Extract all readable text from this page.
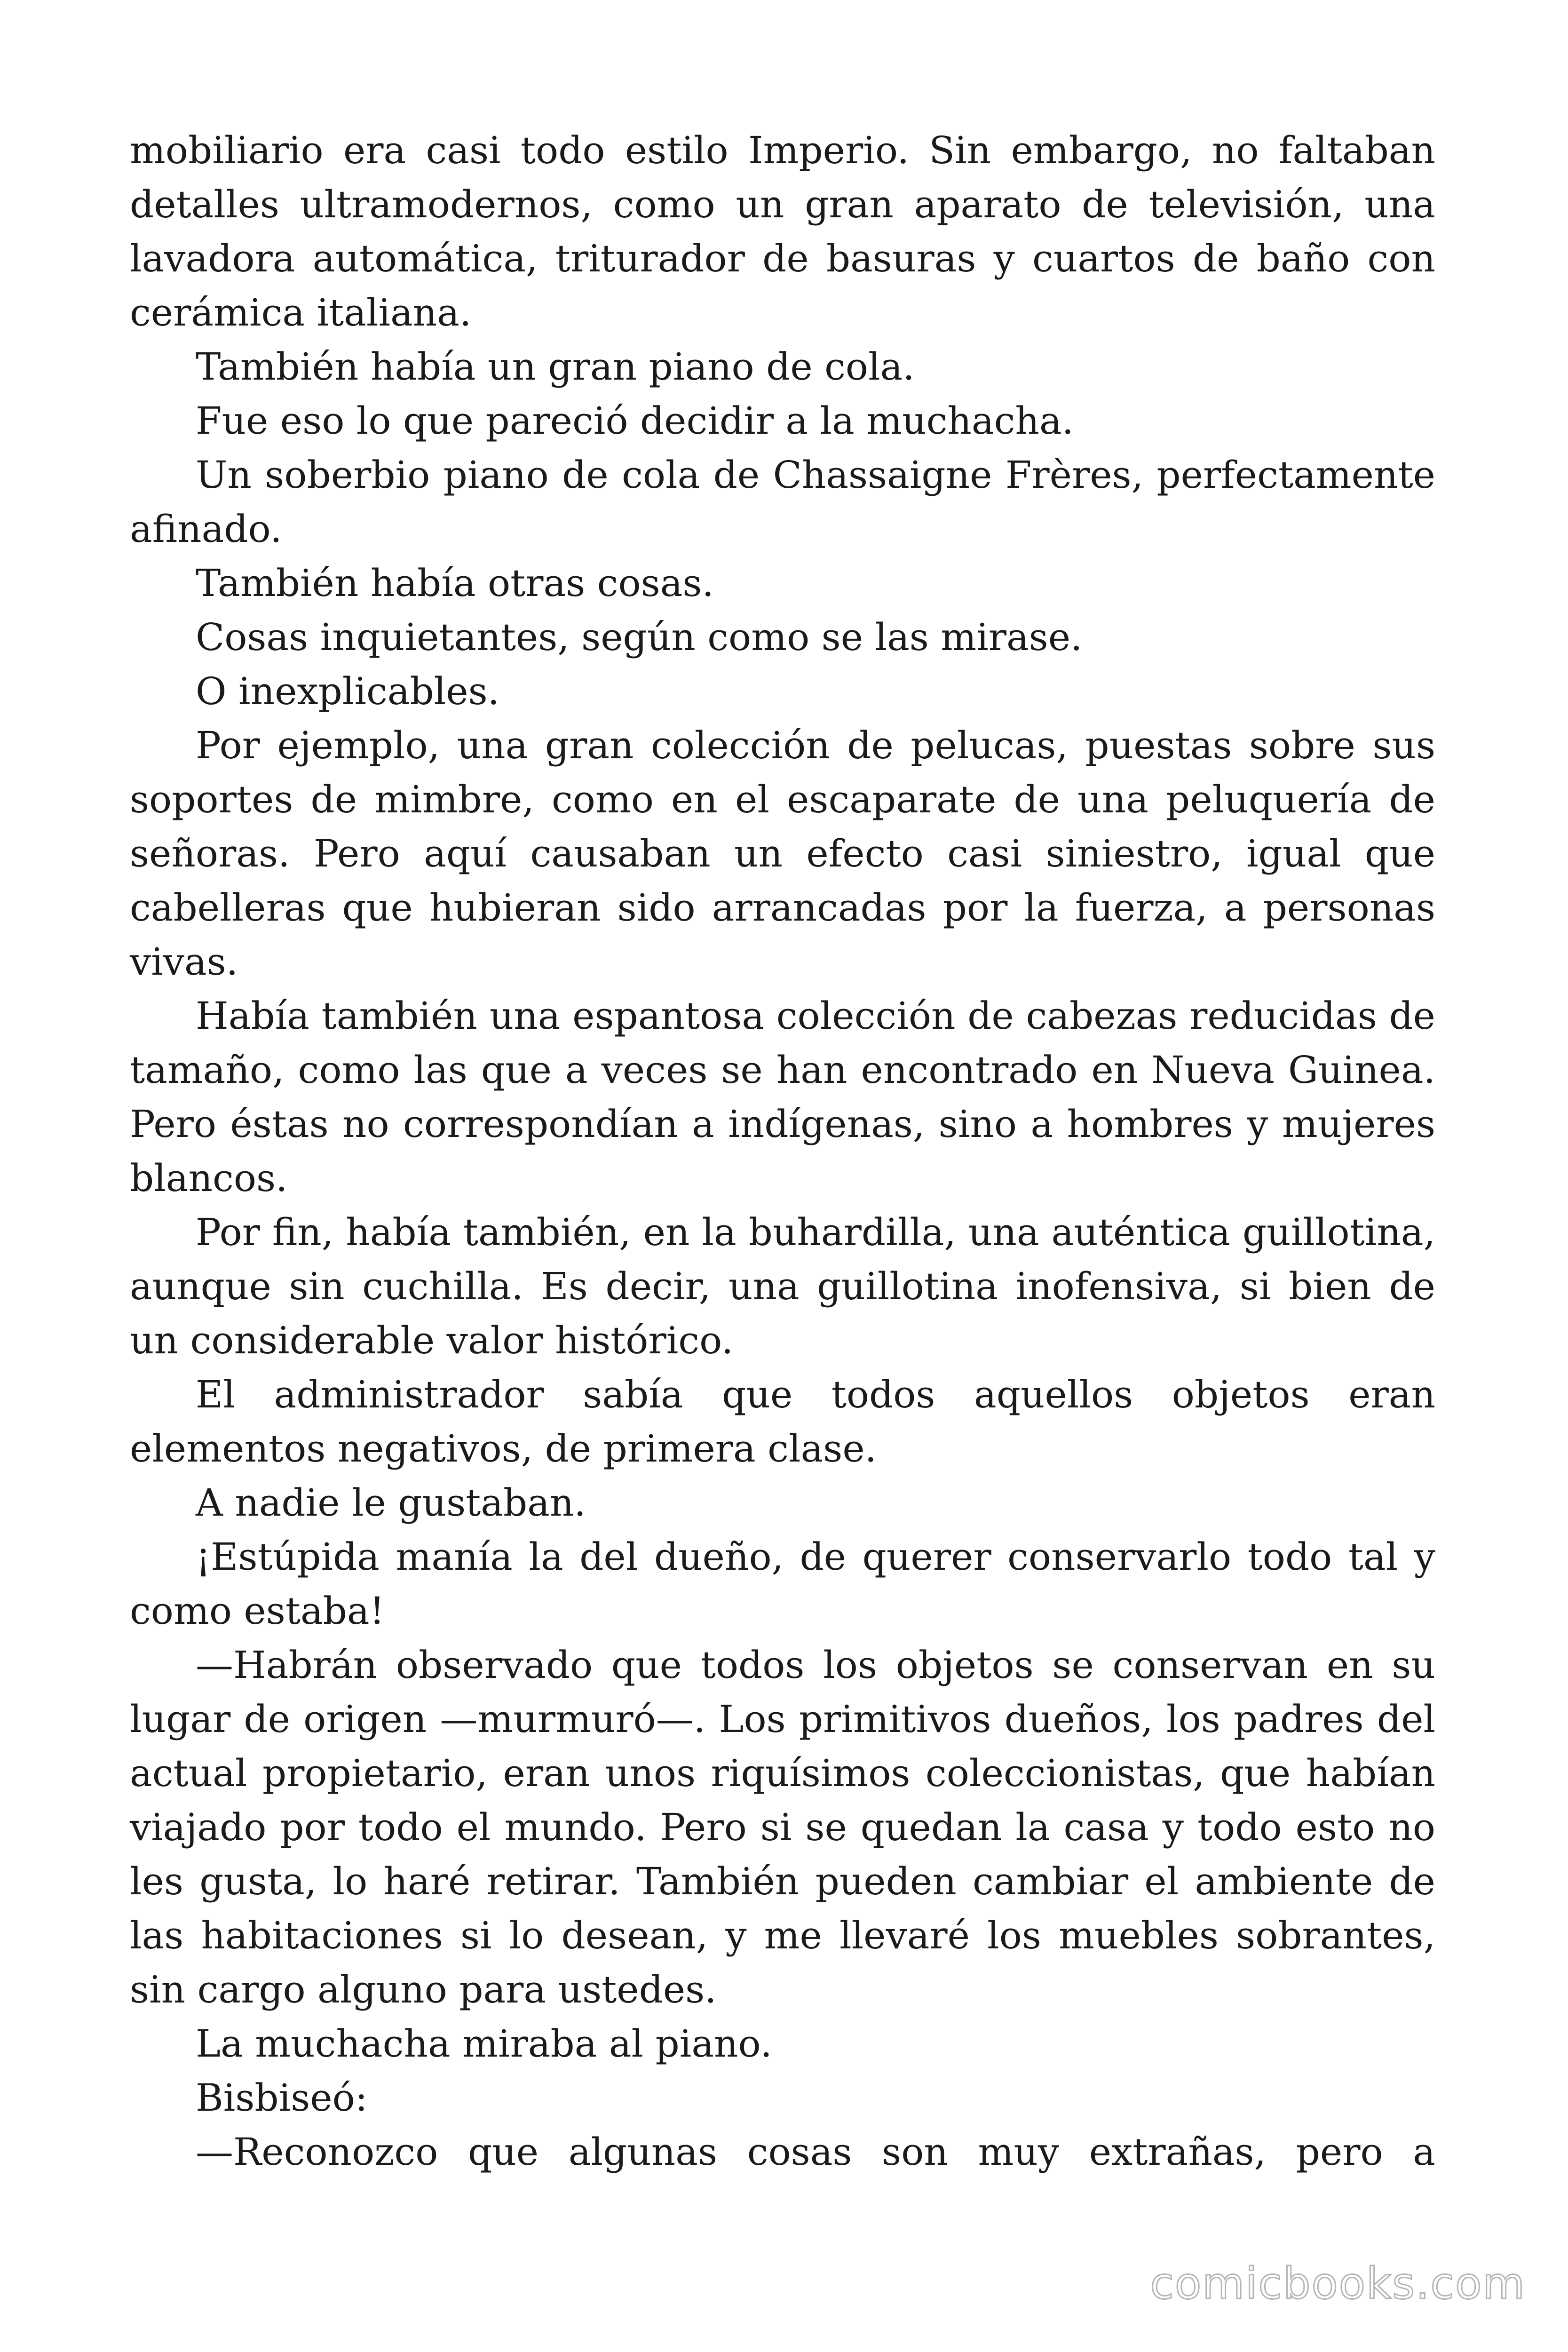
mobiliario era casi todo estilo Imperio. Sin embargo, no faltaban detalles ultramodernos, como un gran aparato de televisión, una lavadora automática, triturador de basuras y cuartos de baño con cerámica italiana.

También había un gran piano de cola.

Fue eso lo que pareció decidir a la muchacha.

Un soberbio piano de cola de Chassaigne Frères, perfectamente afinado.

También había otras cosas.

Cosas inquietantes, según como se las mirase.

O inexplicables.

Por ejemplo, una gran colección de pelucas, puestas sobre sus soportes de mimbre, como en el escaparate de una peluquería de señoras. Pero aquí causaban un efecto casi siniestro, igual que cabelleras que hubieran sido arrancadas por la fuerza, a personas vivas.

Había también una espantosa colección de cabezas reducidas de tamaño, como las que a veces se han encontrado en Nueva Guinea. Pero éstas no correspondían a indígenas, sino a hombres y mujeres blancos.

Por fin, había también, en la buhardilla, una auténtica guillotina, aunque sin cuchilla. Es decir, una guillotina inofensiva, si bien de un considerable valor histórico.

El administrador sabía que todos aquellos objetos eran elementos negativos, de primera clase.

A nadie le gustaban.

¡Estúpida manía la del dueño, de querer conservarlo todo tal y como estaba!

—Habrán observado que todos los objetos se conservan en su lugar de origen —murmuró—. Los primitivos dueños, los padres del actual propietario, eran unos riquísimos coleccionistas, que habían viajado por todo el mundo. Pero si se quedan la casa y todo esto no les gusta, lo haré retirar. También pueden cambiar el ambiente de las habitaciones si lo desean, y me llevaré los muebles sobrantes, sin cargo alguno para ustedes.

La muchacha miraba al piano.

Bisbiseó:

—Reconozco que algunas cosas son muy extrañas, pero a

comicbooks.com
